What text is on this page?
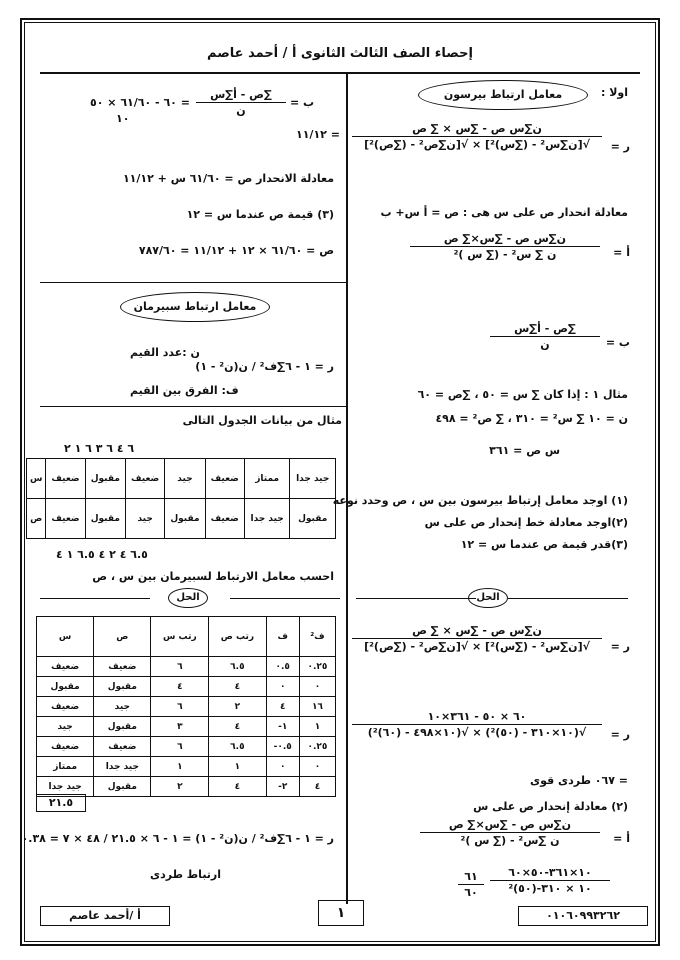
إحصاء الصف الثالث الثانوى أ / أحمد عاصم
اولا :
معامل ارتباط بيرسون
ر =
ن∑س ص - ∑س × ∑ ص
√[ن∑س² - (∑س)²] × √[ن∑ص² - (∑ص)²]
معادلة انحدار ص على س هى : ص = أ س+ ب
أ =
ن∑س ص - ∑س×∑ ص
ن ∑ س² - (∑ س )²
ب =
∑ص - أ∑س
ن
مثال ١ : إذا كان ∑ س = ٥٠ ، ∑ص = ٦٠
ن = ١٠ ∑ س² = ٣١٠ ، ∑ ص² = ٤٩٨
س ص = ٣٦١
(١) اوجد معامل إرتباط بيرسون بين س ، ص وحدد نوعه
(٢)اوجد معادلة خط إنحدار ص على س
(٣)قدر قيمة ص عندما س = ١٢
الحل
ر =
ن∑س ص - ∑س × ∑ ص
√[ن∑س² - (∑س)²] × √[ن∑ص² - (∑ص)²]
ر =
٦٠ × ٥٠ - ٣٦١×١٠
√(١٠×٣١٠ - (٥٠)²) × √(١٠×٤٩٨ - (٦٠)²)
= ٠٦٧ طردى قوى
(٢) معادلة إنحدار ص على س
أ =
ن∑س ص - ∑س×∑ ص
ن ∑س² - (∑ س )²
١٠×٣٦١-٥٠×٦٠
١٠ × ٣١٠-(٥٠)²
٦١
٦٠
٠١٠٦٠٩٩٣٢٦٢
ب =
∑ص - أ∑س
ن
= ٦٠ - ٦١/٦٠ × ٥٠
١٠
= ١١/١٢
معادلة الانحدار ص = ٦١/٦٠ س + ١١/١٢
(٣) قيمة ص عندما س = ١٢
ص = ٦١/٦٠ × ١٢ + ١١/١٢ = ٧٨٧/٦٠
معامل ارتباط سبيرمان
ر = ١ - ٦∑ف² / ن(ن² - ١)
ن :عدد القيم
ف: الفرق بين القيم
مثال من بيانات الجدول التالى
٦ ٤ ٦ ٣ ٦ ١ ٢
جيد جدا	ممتاز	ضعيف	جيد	ضعيف	مقبول	ضعيف	س
مقبول	جيد جدا	ضعيف	مقبول	جيد	مقبول	ضعيف	ص
٦.٥ ٤ ٢ ٤ ٦.٥ ١ ٤
احسب معامل الارتباط لسبيرمان بين س ، ص
الحل
ف²	ف	رتب ص	رتب س	ص	س
٠.٢٥	٠.٥	٦.٥	٦	ضعيف	ضعيف
٠	٠	٤	٤	مقبول	مقبول
١٦	٤	٢	٦	جيد	ضعيف
١	١-	٤	٣	مقبول	جيد
٠.٢٥	٠.٥-	٦.٥	٦	ضعيف	ضعيف
٠	٠	١	١	جيد جدا	ممتاز
٤	٢-	٤	٢	مقبول	جيد جدا
٢١.٥
ر = ١ - ٦∑ف² / ن(ن² - ١) = ١ - ٦ × ٢١.٥ / ٤٨ × ٧ = ٠.٣٨
ارتباط طردى
أ /أحمد عاصم	١
